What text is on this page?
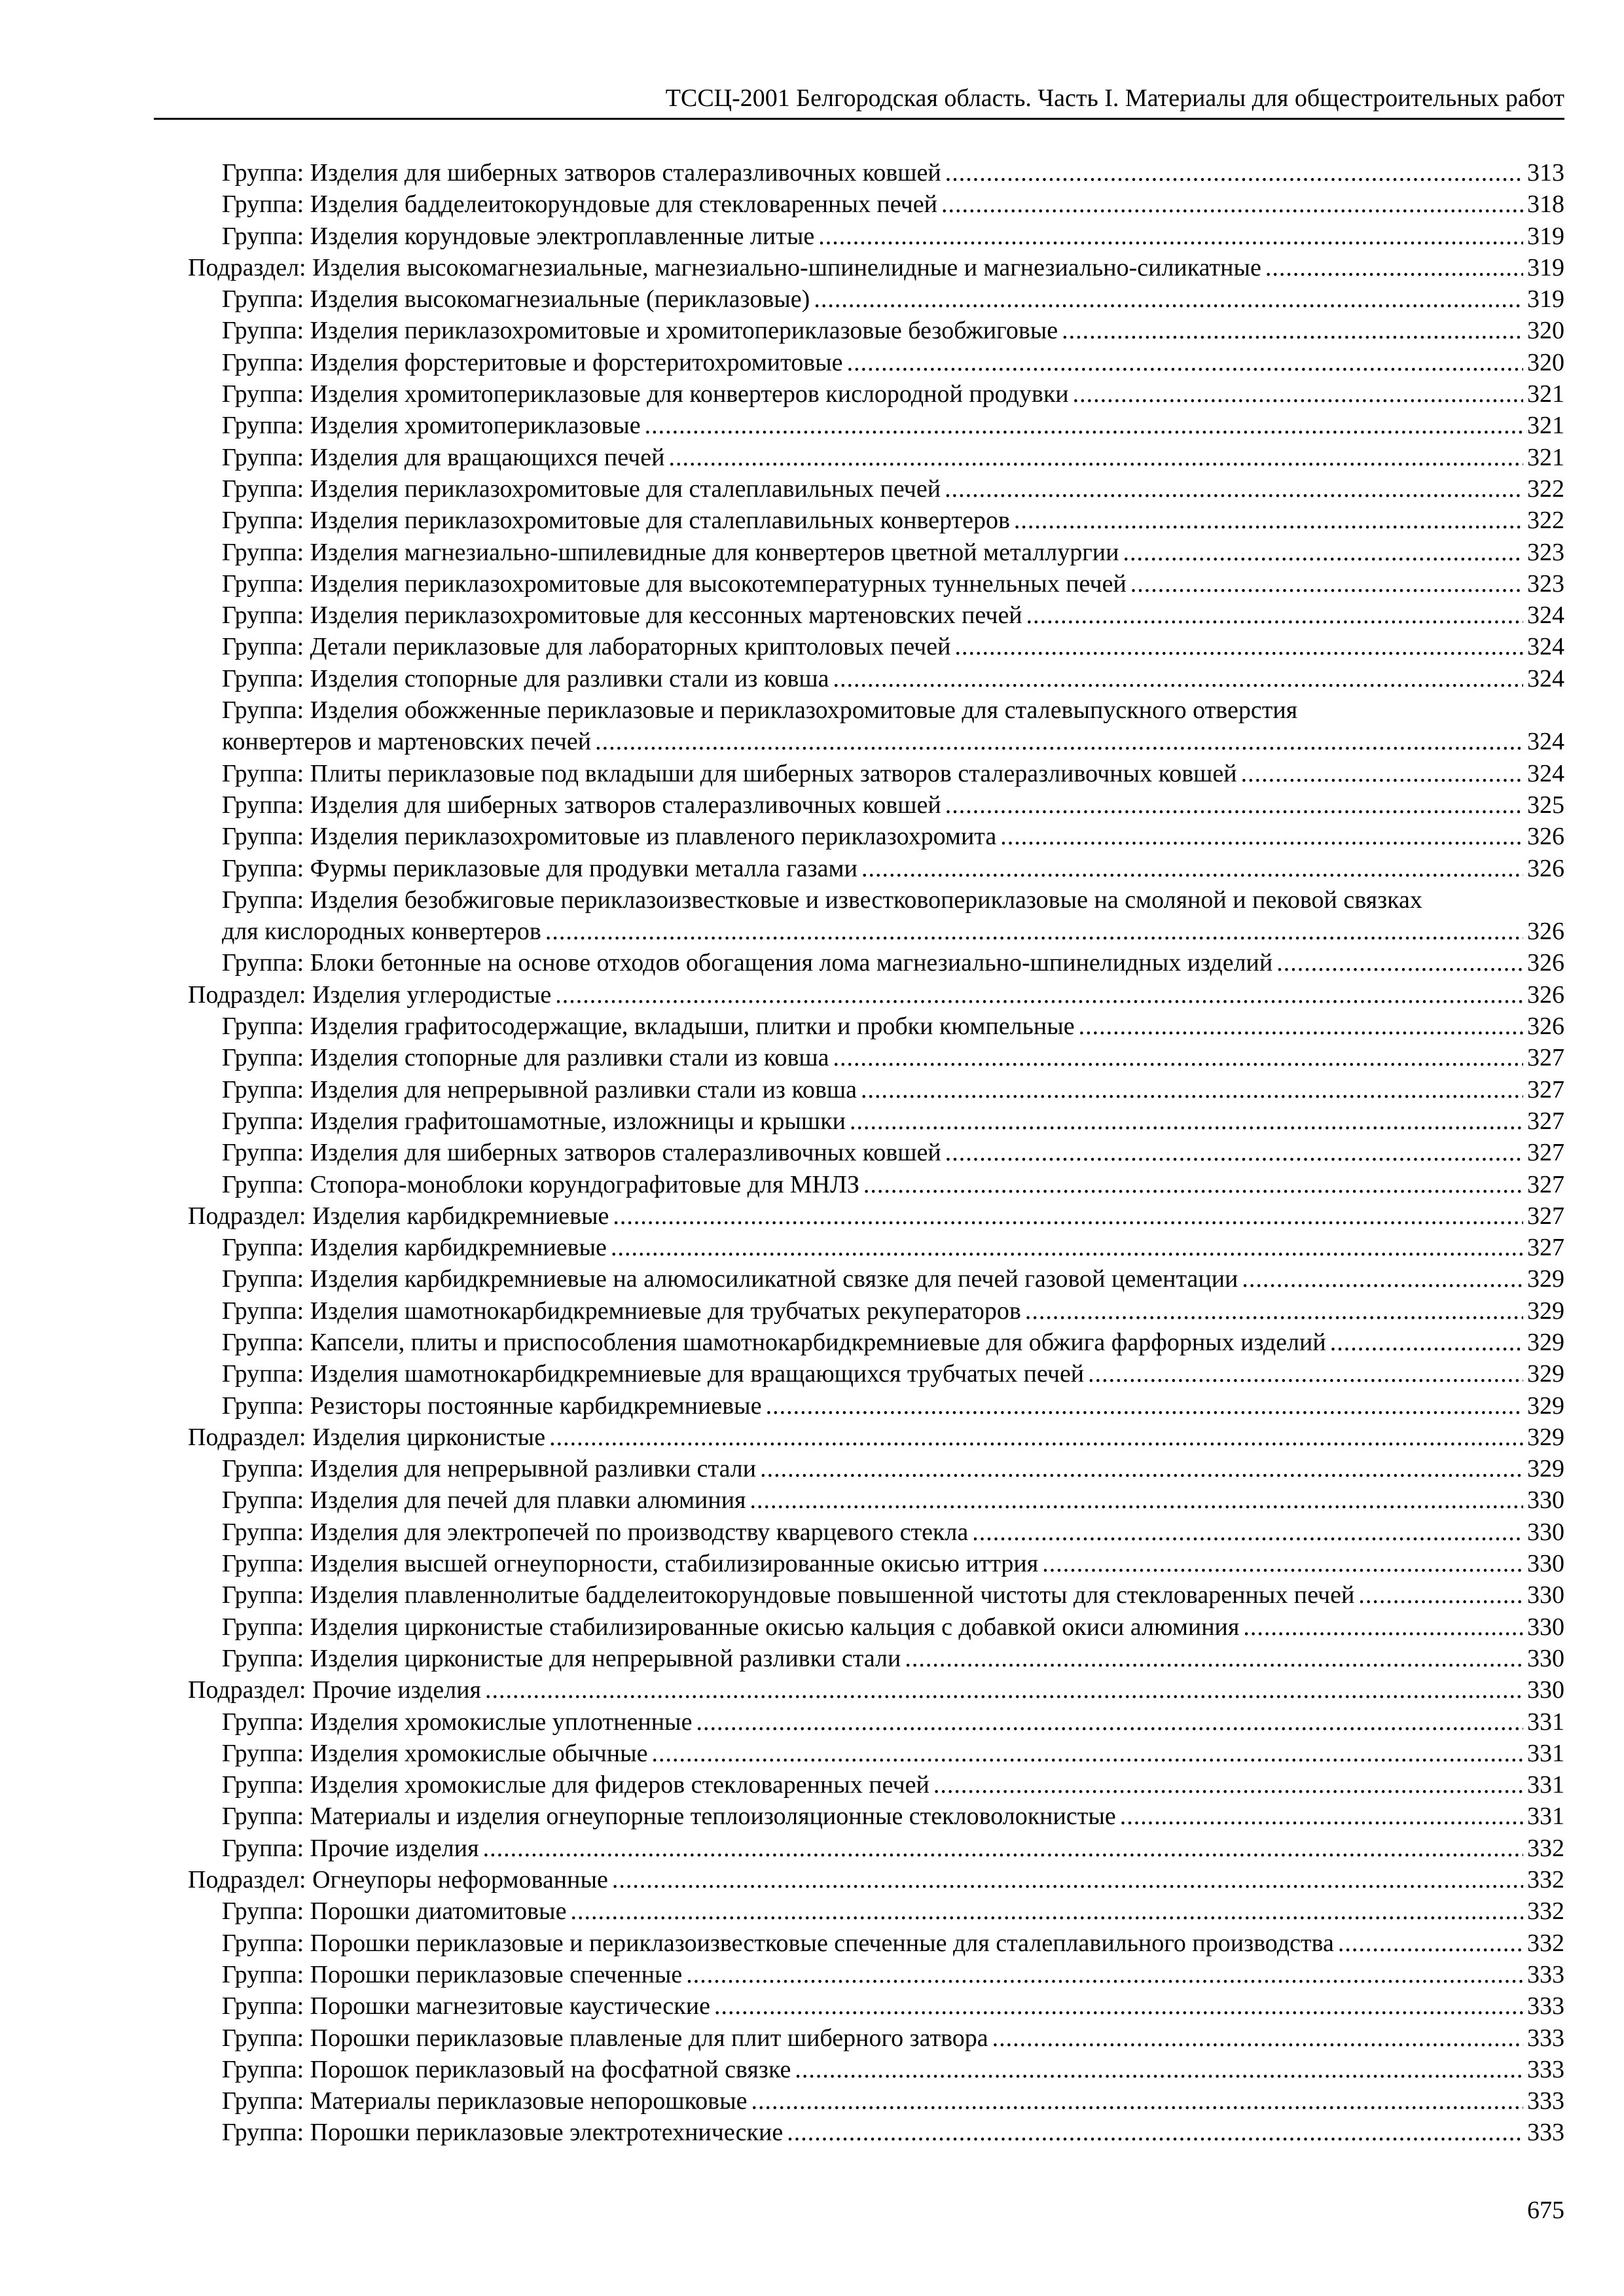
ТССЦ-2001 Белгородская область. Часть I. Материалы для общестроительных работ
Группа: Изделия для шиберных затворов сталеразливочных ковшей .....	313
Группа: Изделия бадделеитокорундовые для стекловаренных печей .....	318
Группа: Изделия корундовые электроплавленные литые .....	319
Подраздел: Изделия высокомагнезиальные, магнезиально-шпинелидные и магнезиально-силикатные .....	319
Группа: Изделия высокомагнезиальные (периклазовые) .....	319
Группа: Изделия периклазохромитовые и хромитопериклазовые безобжиговые .....	320
Группа: Изделия форстеритовые и форстеритохромитовые .....	320
Группа: Изделия хромитопериклазовые для конвертеров кислородной продувки .....	321
Группа: Изделия хромитопериклазовые .....	321
Группа: Изделия для вращающихся печей .....	321
Группа: Изделия периклазохромитовые для сталеплавильных печей .....	322
Группа: Изделия периклазохромитовые для сталеплавильных конвертеров .....	322
Группа: Изделия магнезиально-шпилевидные для конвертеров цветной металлургии .....	323
Группа: Изделия периклазохромитовые для высокотемпературных туннельных печей .....	323
Группа: Изделия периклазохромитовые для кессонных мартеновских печей .....	324
Группа: Детали периклазовые для лабораторных криптоловых печей .....	324
Группа: Изделия стопорные для разливки стали из ковша .....	324
Группа: Изделия обожженные периклазовые и периклазохромитовые для сталевыпускного отверстия
конвертеров и мартеновских печей .....	324
Группа: Плиты периклазовые под вкладыши для шиберных затворов сталеразливочных ковшей .....	324
Группа: Изделия для шиберных затворов сталеразливочных ковшей .....	325
Группа: Изделия периклазохромитовые из плавленого периклазохромита .....	326
Группа: Фурмы периклазовые для продувки металла газами .....	326
Группа: Изделия безобжиговые периклазоизвестковые и известковопериклазовые на смоляной и пековой связках
для кислородных конвертеров .....	326
Группа: Блоки бетонные на основе отходов обогащения лома магнезиально-шпинелидных изделий .....	326
Подраздел: Изделия углеродистые .....	326
Группа: Изделия графитосодержащие, вкладыши, плитки и пробки кюмпельные .....	326
Группа: Изделия стопорные для разливки стали из ковша .....	327
Группа: Изделия для непрерывной разливки стали из ковша .....	327
Группа: Изделия графитошамотные, изложницы и крышки .....	327
Группа: Изделия для шиберных затворов сталеразливочных ковшей .....	327
Группа: Стопора-моноблоки корундографитовые для МНЛЗ .....	327
Подраздел: Изделия карбидкремниевые .....	327
Группа: Изделия карбидкремниевые .....	327
Группа: Изделия карбидкремниевые на алюмосиликатной связке для печей газовой цементации .....	329
Группа: Изделия шамотнокарбидкремниевые для трубчатых рекуператоров .....	329
Группа: Капсели, плиты и приспособления шамотнокарбидкремниевые для обжига фарфорных изделий .....	329
Группа: Изделия шамотнокарбидкремниевые для вращающихся трубчатых печей .....	329
Группа: Резисторы постоянные карбидкремниевые .....	329
Подраздел: Изделия цирконистые .....	329
Группа: Изделия для непрерывной разливки стали .....	329
Группа: Изделия для печей для плавки алюминия .....	330
Группа: Изделия для электропечей по производству кварцевого стекла .....	330
Группа: Изделия высшей огнеупорности, стабилизированные окисью иттрия .....	330
Группа: Изделия плавленнолитые бадделеитокорундовые повышенной чистоты для стекловаренных печей .....	330
Группа: Изделия цирконистые стабилизированные окисью кальция с добавкой окиси алюминия .....	330
Группа: Изделия цирконистые для непрерывной разливки стали .....	330
Подраздел: Прочие изделия .....	330
Группа: Изделия хромокислые уплотненные .....	331
Группа: Изделия хромокислые обычные .....	331
Группа: Изделия хромокислые для фидеров стекловаренных печей .....	331
Группа: Материалы и изделия огнеупорные теплоизоляционные стекловолокнистые .....	331
Группа: Прочие изделия .....	332
Подраздел: Огнеупоры неформованные .....	332
Группа: Порошки диатомитовые .....	332
Группа: Порошки периклазовые и периклазоизвестковые спеченные для сталеплавильного производства .....	332
Группа: Порошки периклазовые спеченные .....	333
Группа: Порошки магнезитовые каустические .....	333
Группа: Порошки периклазовые плавленые для плит шиберного затвора .....	333
Группа: Порошок периклазовый на фосфатной связке .....	333
Группа: Материалы периклазовые непорошковые .....	333
Группа: Порошки периклазовые электротехнические .....	333
675
